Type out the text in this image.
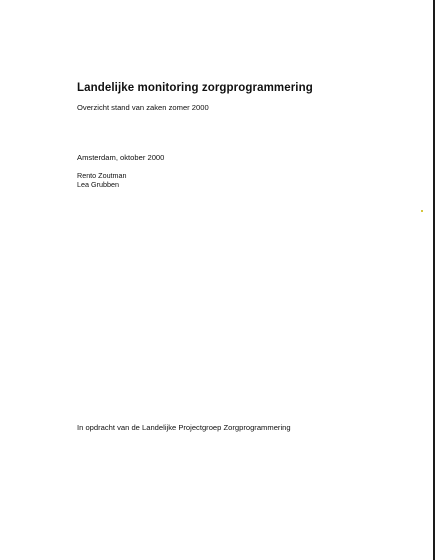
Landelijke monitoring zorgprogrammering
Overzicht stand van zaken zomer 2000
Amsterdam, oktober 2000
Rento Zoutman
Lea Grubben
In opdracht van de Landelijke Projectgroep Zorgprogrammering
